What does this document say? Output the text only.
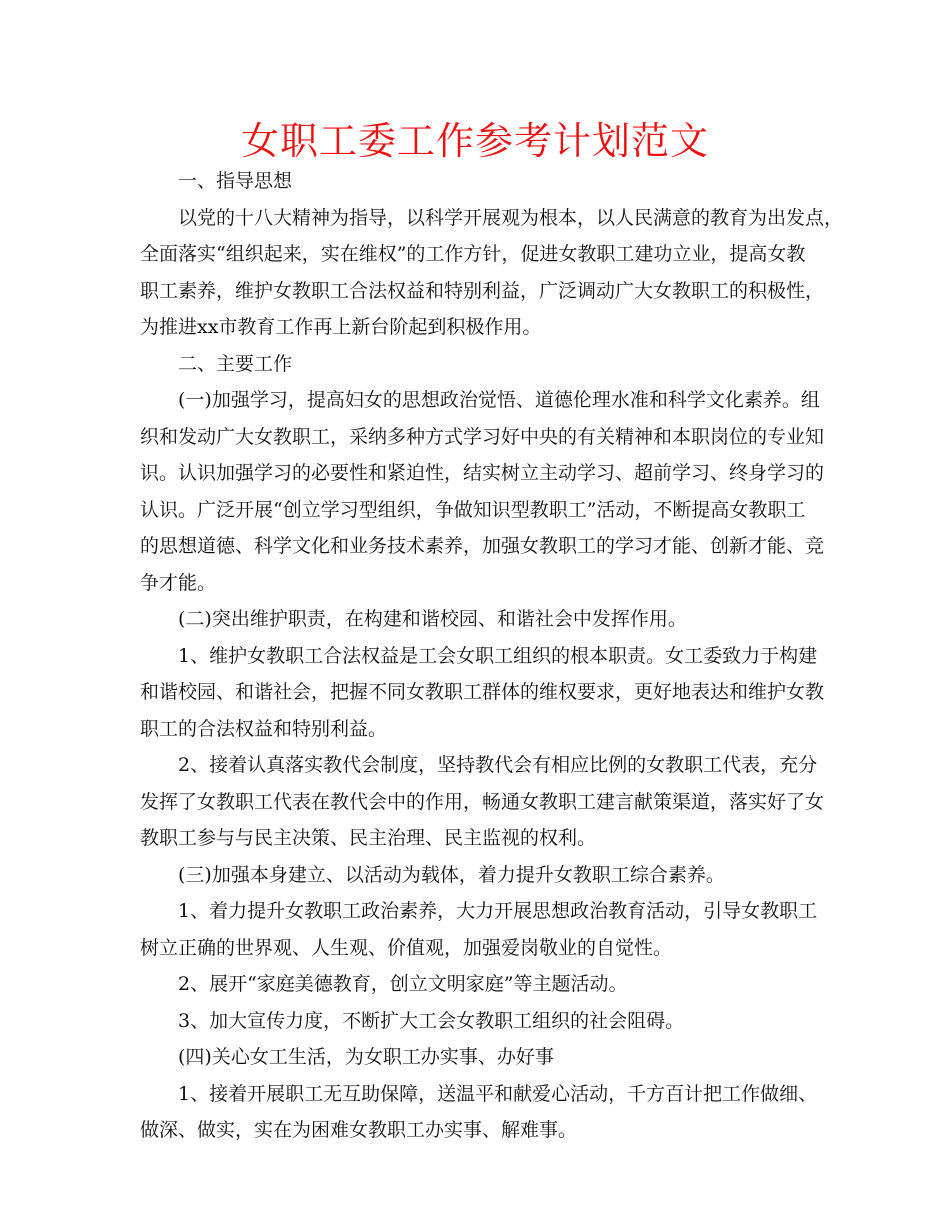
女职工委工作参考计划范文
一、指导思想
以党的十八大精神为指导，以科学开展观为根本，以人民满意的教育为出发点，
全面落实“组织起来，实在维权”的工作方针，促进女教职工建功立业，提高女教
职工素养，维护女教职工合法权益和特别利益，广泛调动广大女教职工的积极性，
为推进xx市教育工作再上新台阶起到积极作用。
二、主要工作
(一)加强学习，提高妇女的思想政治觉悟、道德伦理水准和科学文化素养。组
织和发动广大女教职工，采纳多种方式学习好中央的有关精神和本职岗位的专业知
识。认识加强学习的必要性和紧迫性，结实树立主动学习、超前学习、终身学习的
认识。广泛开展“创立学习型组织，争做知识型教职工”活动，不断提高女教职工
的思想道德、科学文化和业务技术素养，加强女教职工的学习才能、创新才能、竞
争才能。
(二)突出维护职责，在构建和谐校园、和谐社会中发挥作用。
1、维护女教职工合法权益是工会女职工组织的根本职责。女工委致力于构建
和谐校园、和谐社会，把握不同女教职工群体的维权要求，更好地表达和维护女教
职工的合法权益和特别利益。
2、接着认真落实教代会制度，坚持教代会有相应比例的女教职工代表，充分
发挥了女教职工代表在教代会中的作用，畅通女教职工建言献策渠道，落实好了女
教职工参与与民主决策、民主治理、民主监视的权利。
(三)加强本身建立、以活动为载体，着力提升女教职工综合素养。
1、着力提升女教职工政治素养，大力开展思想政治教育活动，引导女教职工
树立正确的世界观、人生观、价值观，加强爱岗敬业的自觉性。
2、展开“家庭美德教育，创立文明家庭”等主题活动。
3、加大宣传力度，不断扩大工会女教职工组织的社会阻碍。
(四)关心女工生活，为女职工办实事、办好事
1、接着开展职工无互助保障，送温平和献爱心活动，千方百计把工作做细、
做深、做实，实在为困难女教职工办实事、解难事。
